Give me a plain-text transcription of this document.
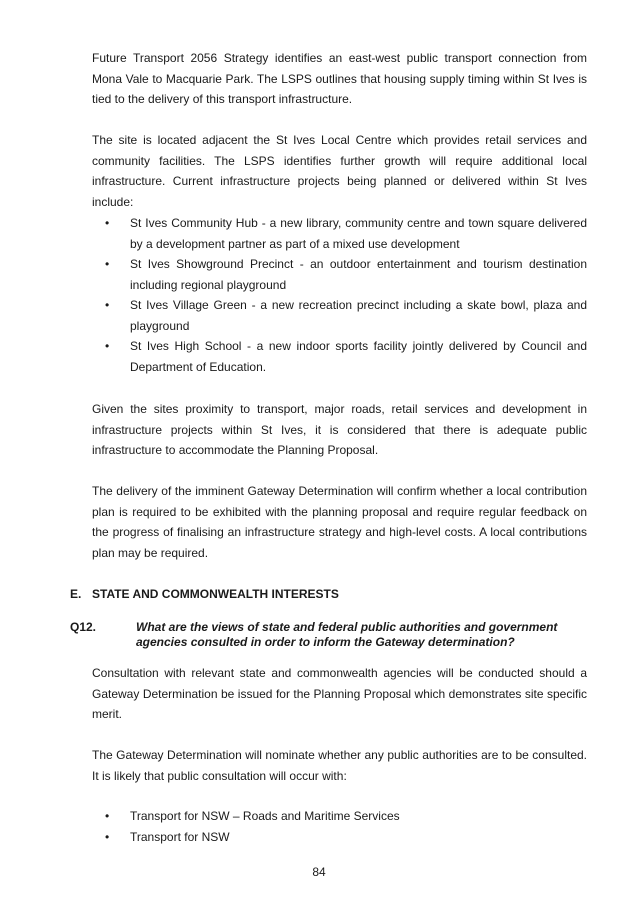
Future Transport 2056 Strategy identifies an east-west public transport connection from Mona Vale to Macquarie Park. The LSPS outlines that housing supply timing within St Ives is tied to the delivery of this transport infrastructure.

The site is located adjacent the St Ives Local Centre which provides retail services and community facilities. The LSPS identifies further growth will require additional local infrastructure. Current infrastructure projects being planned or delivered within St Ives include:

• St Ives Community Hub - a new library, community centre and town square delivered by a development partner as part of a mixed use development
• St Ives Showground Precinct - an outdoor entertainment and tourism destination including regional playground
• St Ives Village Green - a new recreation precinct including a skate bowl, plaza and playground
• St Ives High School - a new indoor sports facility jointly delivered by Council and Department of Education.

Given the sites proximity to transport, major roads, retail services and development in infrastructure projects within St Ives, it is considered that there is adequate public infrastructure to accommodate the Planning Proposal.

The delivery of the imminent Gateway Determination will confirm whether a local contribution plan is required to be exhibited with the planning proposal and require regular feedback on the progress of finalising an infrastructure strategy and high-level costs. A local contributions plan may be required.

E. STATE AND COMMONWEALTH INTERESTS
Q12.	What are the views of state and federal public authorities and government agencies consulted in order to inform the Gateway determination?

Consultation with relevant state and commonwealth agencies will be conducted should a Gateway Determination be issued for the Planning Proposal which demonstrates site specific merit.

The Gateway Determination will nominate whether any public authorities are to be consulted. It is likely that public consultation will occur with:

• Transport for NSW – Roads and Maritime Services
• Transport for NSW
84
